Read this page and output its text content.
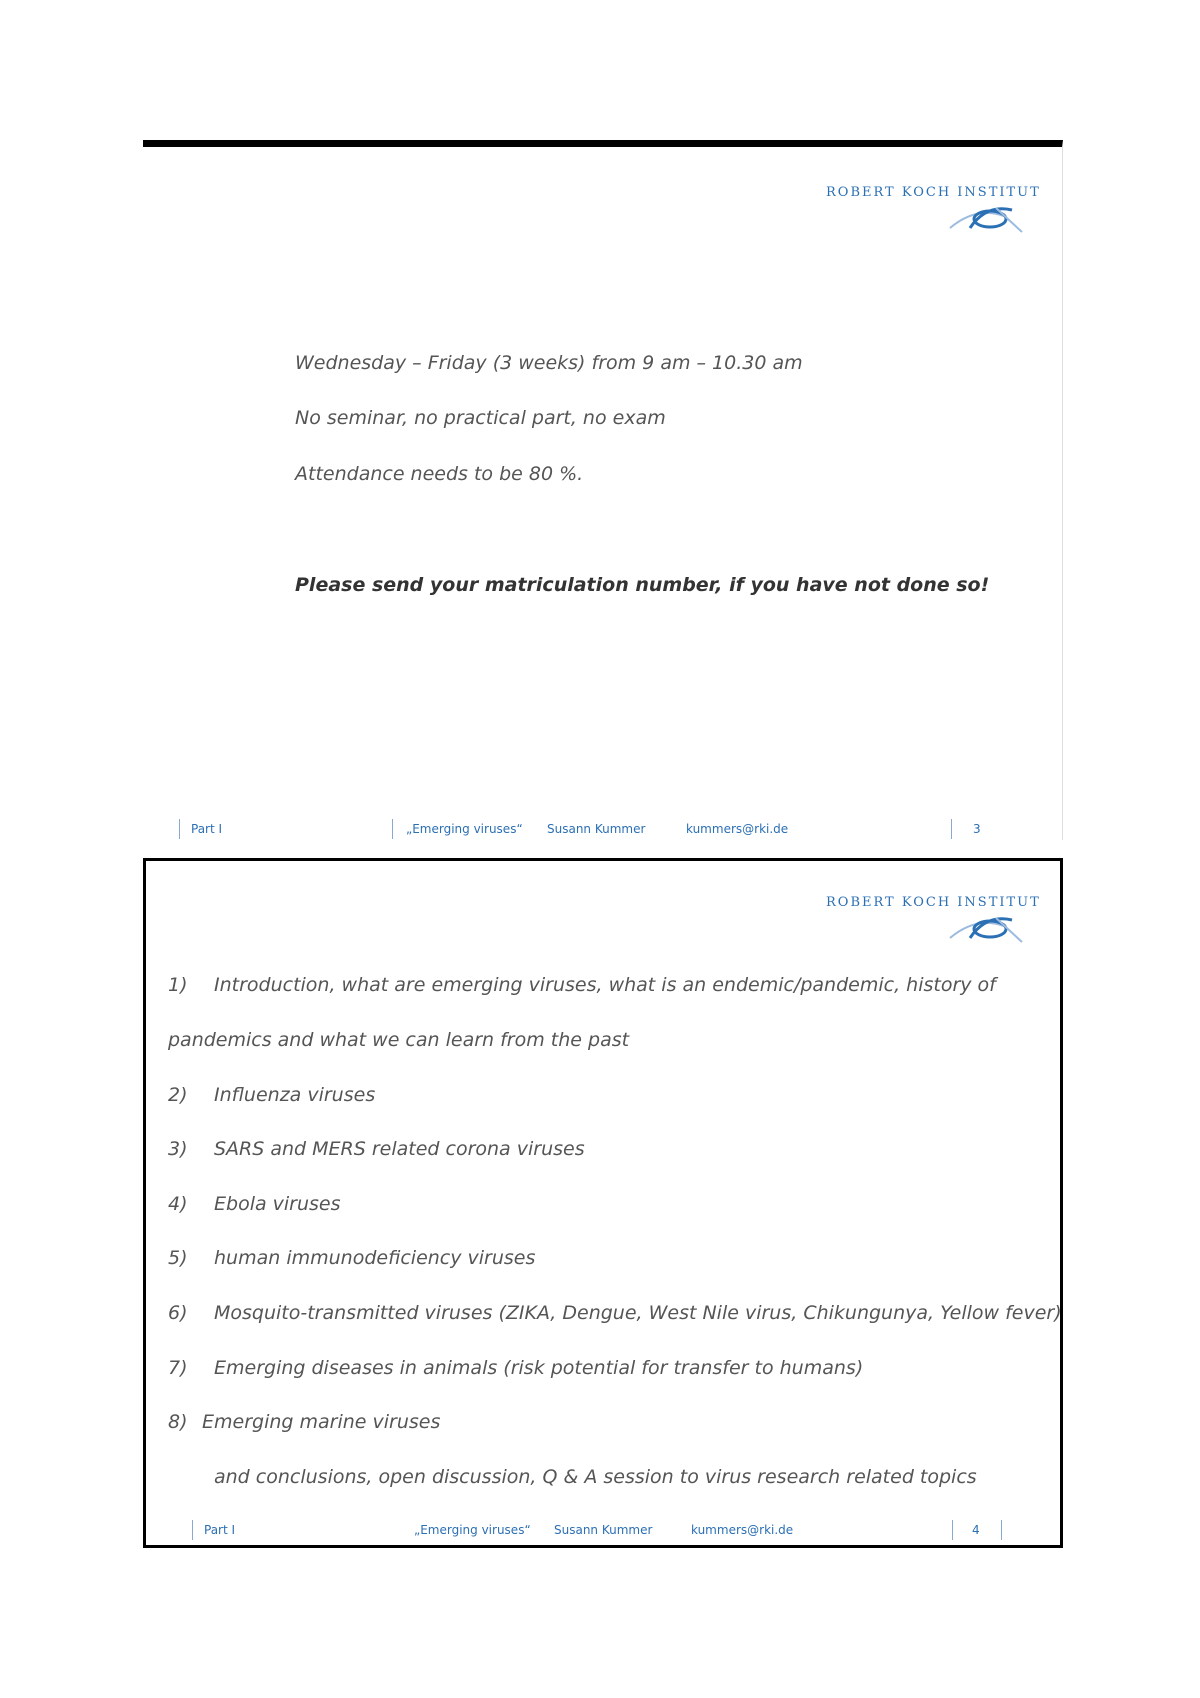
ROBERT KOCH INSTITUT
Wednesday – Friday (3 weeks) from 9 am – 10.30 am
No seminar, no practical part, no exam
Attendance needs to be 80 %.
Please send your matriculation number, if you have not done so!
Part I	„Emerging viruses“ Susann Kummer	kummers@rki.de	3
ROBERT KOCH INSTITUT
1) Introduction, what are emerging viruses, what is an endemic/pandemic, history of
pandemics and what we can learn from the past
2) Influenza viruses
3) SARS and MERS related corona viruses
4) Ebola viruses
5) human immunodeficiency viruses
6) Mosquito-transmitted viruses (ZIKA, Dengue, West Nile virus, Chikungunya, Yellow fever)
7) Emerging diseases in animals (risk potential for transfer to humans)
8) Emerging marine viruses
and conclusions, open discussion, Q & A session to virus research related topics
Part I	„Emerging viruses“ Susann Kummer	kummers@rki.de	4
